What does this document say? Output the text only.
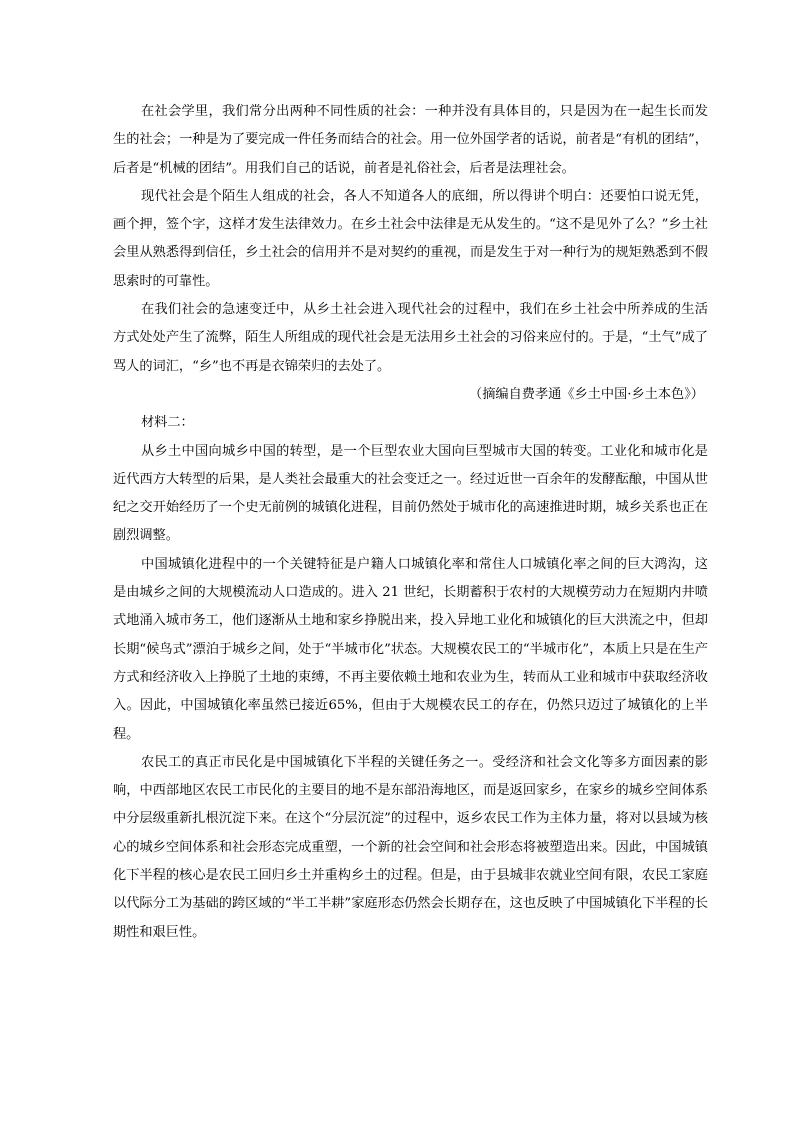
在社会学里，我们常分出两种不同性质的社会：一种并没有具体目的，只是因为在一起生长而发生的社会；一种是为了要完成一件任务而结合的社会。用一位外国学者的话说，前者是“有机的团结”，后者是“机械的团结”。用我们自己的话说，前者是礼俗社会，后者是法理社会。

现代社会是个陌生人组成的社会，各人不知道各人的底细，所以得讲个明白：还要怕口说无凭，画个押，签个字，这样才发生法律效力。在乡土社会中法律是无从发生的。“这不是见外了么？”乡土社会里从熟悉得到信任，乡土社会的信用并不是对契约的重视，而是发生于对一种行为的规矩熟悉到不假思索时的可靠性。

在我们社会的急速变迁中，从乡土社会进入现代社会的过程中，我们在乡土社会中所养成的生活方式处处产生了流弊，陌生人所组成的现代社会是无法用乡土社会的习俗来应付的。于是，“土气”成了骂人的词汇，“乡”也不再是衣锦荣归的去处了。

（摘编自费孝通《乡土中国·乡土本色》）

材料二：

从乡土中国向城乡中国的转型，是一个巨型农业大国向巨型城市大国的转变。工业化和城市化是近代西方大转型的后果，是人类社会最重大的社会变迁之一。经过近世一百余年的发酵酝酿，中国从世纪之交开始经历了一个史无前例的城镇化进程，目前仍然处于城市化的高速推进时期，城乡关系也正在剧烈调整。

中国城镇化进程中的一个关键特征是户籍人口城镇化率和常住人口城镇化率之间的巨大鸿沟，这是由城乡之间的大规模流动人口造成的。进入 21 世纪，长期蓄积于农村的大规模劳动力在短期内井喷式地涌入城市务工，他们逐渐从土地和家乡挣脱出来，投入异地工业化和城镇化的巨大洪流之中，但却长期“候鸟式”漂泊于城乡之间，处于“半城市化”状态。大规模农民工的“半城市化”，本质上只是在生产方式和经济收入上挣脱了土地的束缚，不再主要依赖土地和农业为生，转而从工业和城市中获取经济收入。因此，中国城镇化率虽然已接近65%，但由于大规模农民工的存在，仍然只迈过了城镇化的上半程。

农民工的真正市民化是中国城镇化下半程的关键任务之一。受经济和社会文化等多方面因素的影响，中西部地区农民工市民化的主要目的地不是东部沿海地区，而是返回家乡，在家乡的城乡空间体系中分层级重新扎根沉淀下来。在这个“分层沉淀”的过程中，返乡农民工作为主体力量，将对以县域为核心的城乡空间体系和社会形态完成重塑，一个新的社会空间和社会形态将被塑造出来。因此，中国城镇化下半程的核心是农民工回归乡土并重构乡土的过程。但是，由于县城非农就业空间有限，农民工家庭以代际分工为基础的跨区域的“半工半耕”家庭形态仍然会长期存在，这也反映了中国城镇化下半程的长期性和艰巨性。
